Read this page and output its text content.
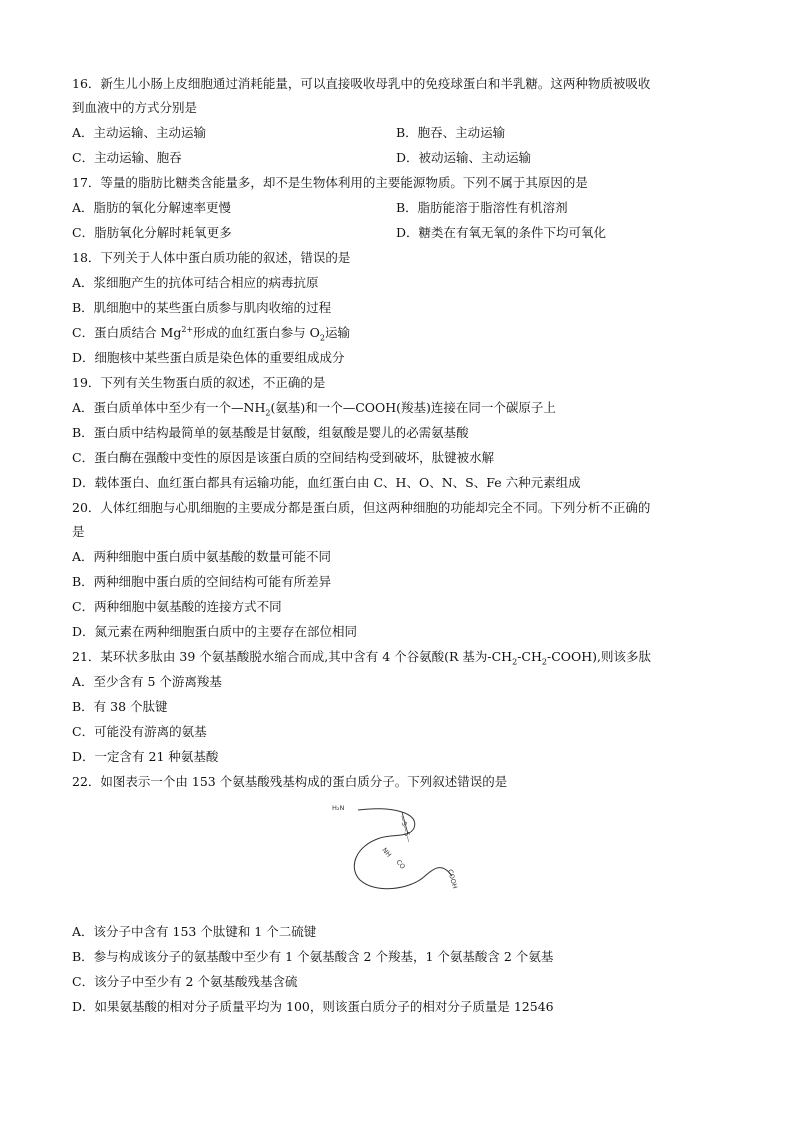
16．新生儿小肠上皮细胞通过消耗能量，可以直接吸收母乳中的免疫球蛋白和半乳糖。这两种物质被吸收
到血液中的方式分别是
A．主动运输、主动运输	B．胞吞、主动运输
C．主动运输、胞吞	D．被动运输、主动运输
17．等量的脂肪比糖类含能量多，却不是生物体利用的主要能源物质。下列不属于其原因的是
A．脂肪的氧化分解速率更慢	B．脂肪能溶于脂溶性有机溶剂
C．脂肪氧化分解时耗氧更多	D．糖类在有氧无氧的条件下均可氧化
18．下列关于人体中蛋白质功能的叙述，错误的是
A．浆细胞产生的抗体可结合相应的病毒抗原
B．肌细胞中的某些蛋白质参与肌肉收缩的过程
C．蛋白质结合 $Mg^{2+}$形成的血红蛋白参与 $O_2$运输
D．细胞核中某些蛋白质是染色体的重要组成成分
19．下列有关生物蛋白质的叙述，不正确的是
A．蛋白质单体中至少有一个$—NH_2$(氨基)和一个—COOH(羧基)连接在同一个碳原子上
B．蛋白质中结构最简单的氨基酸是甘氨酸，组氨酸是婴儿的必需氨基酸
C．蛋白酶在强酸中变性的原因是该蛋白质的空间结构受到破坏，肽键被水解
D．载体蛋白、血红蛋白都具有运输功能，血红蛋白由 C、H、O、N、S、Fe 六种元素组成
20．人体红细胞与心肌细胞的主要成分都是蛋白质，但这两种细胞的功能却完全不同。下列分析不正确的
是
A．两种细胞中蛋白质中氨基酸的数量可能不同
B．两种细胞中蛋白质的空间结构可能有所差异
C．两种细胞中氨基酸的连接方式不同
D．氮元素在两种细胞蛋白质中的主要存在部位相同
21．某环状多肽由 39 个氨基酸脱水缩合而成,其中含有 4 个谷氨酸(R 基为$-CH_2-CH_2-COOH$),则该多肽
A．至少含有 5 个游离羧基
B．有 38 个肽键
C．可能没有游离的氨基
D．一定含有 21 种氨基酸
22．如图表示一个由 153 个氨基酸残基构成的蛋白质分子。下列叙述错误的是
H₂N
—S—S—
NH
CO
COOH
A．该分子中含有 153 个肽键和 1 个二硫键
B．参与构成该分子的氨基酸中至少有 1 个氨基酸含 2 个羧基，1 个氨基酸含 2 个氨基
C．该分子中至少有 2 个氨基酸残基含硫
D．如果氨基酸的相对分子质量平均为 100，则该蛋白质分子的相对分子质量是 12546
